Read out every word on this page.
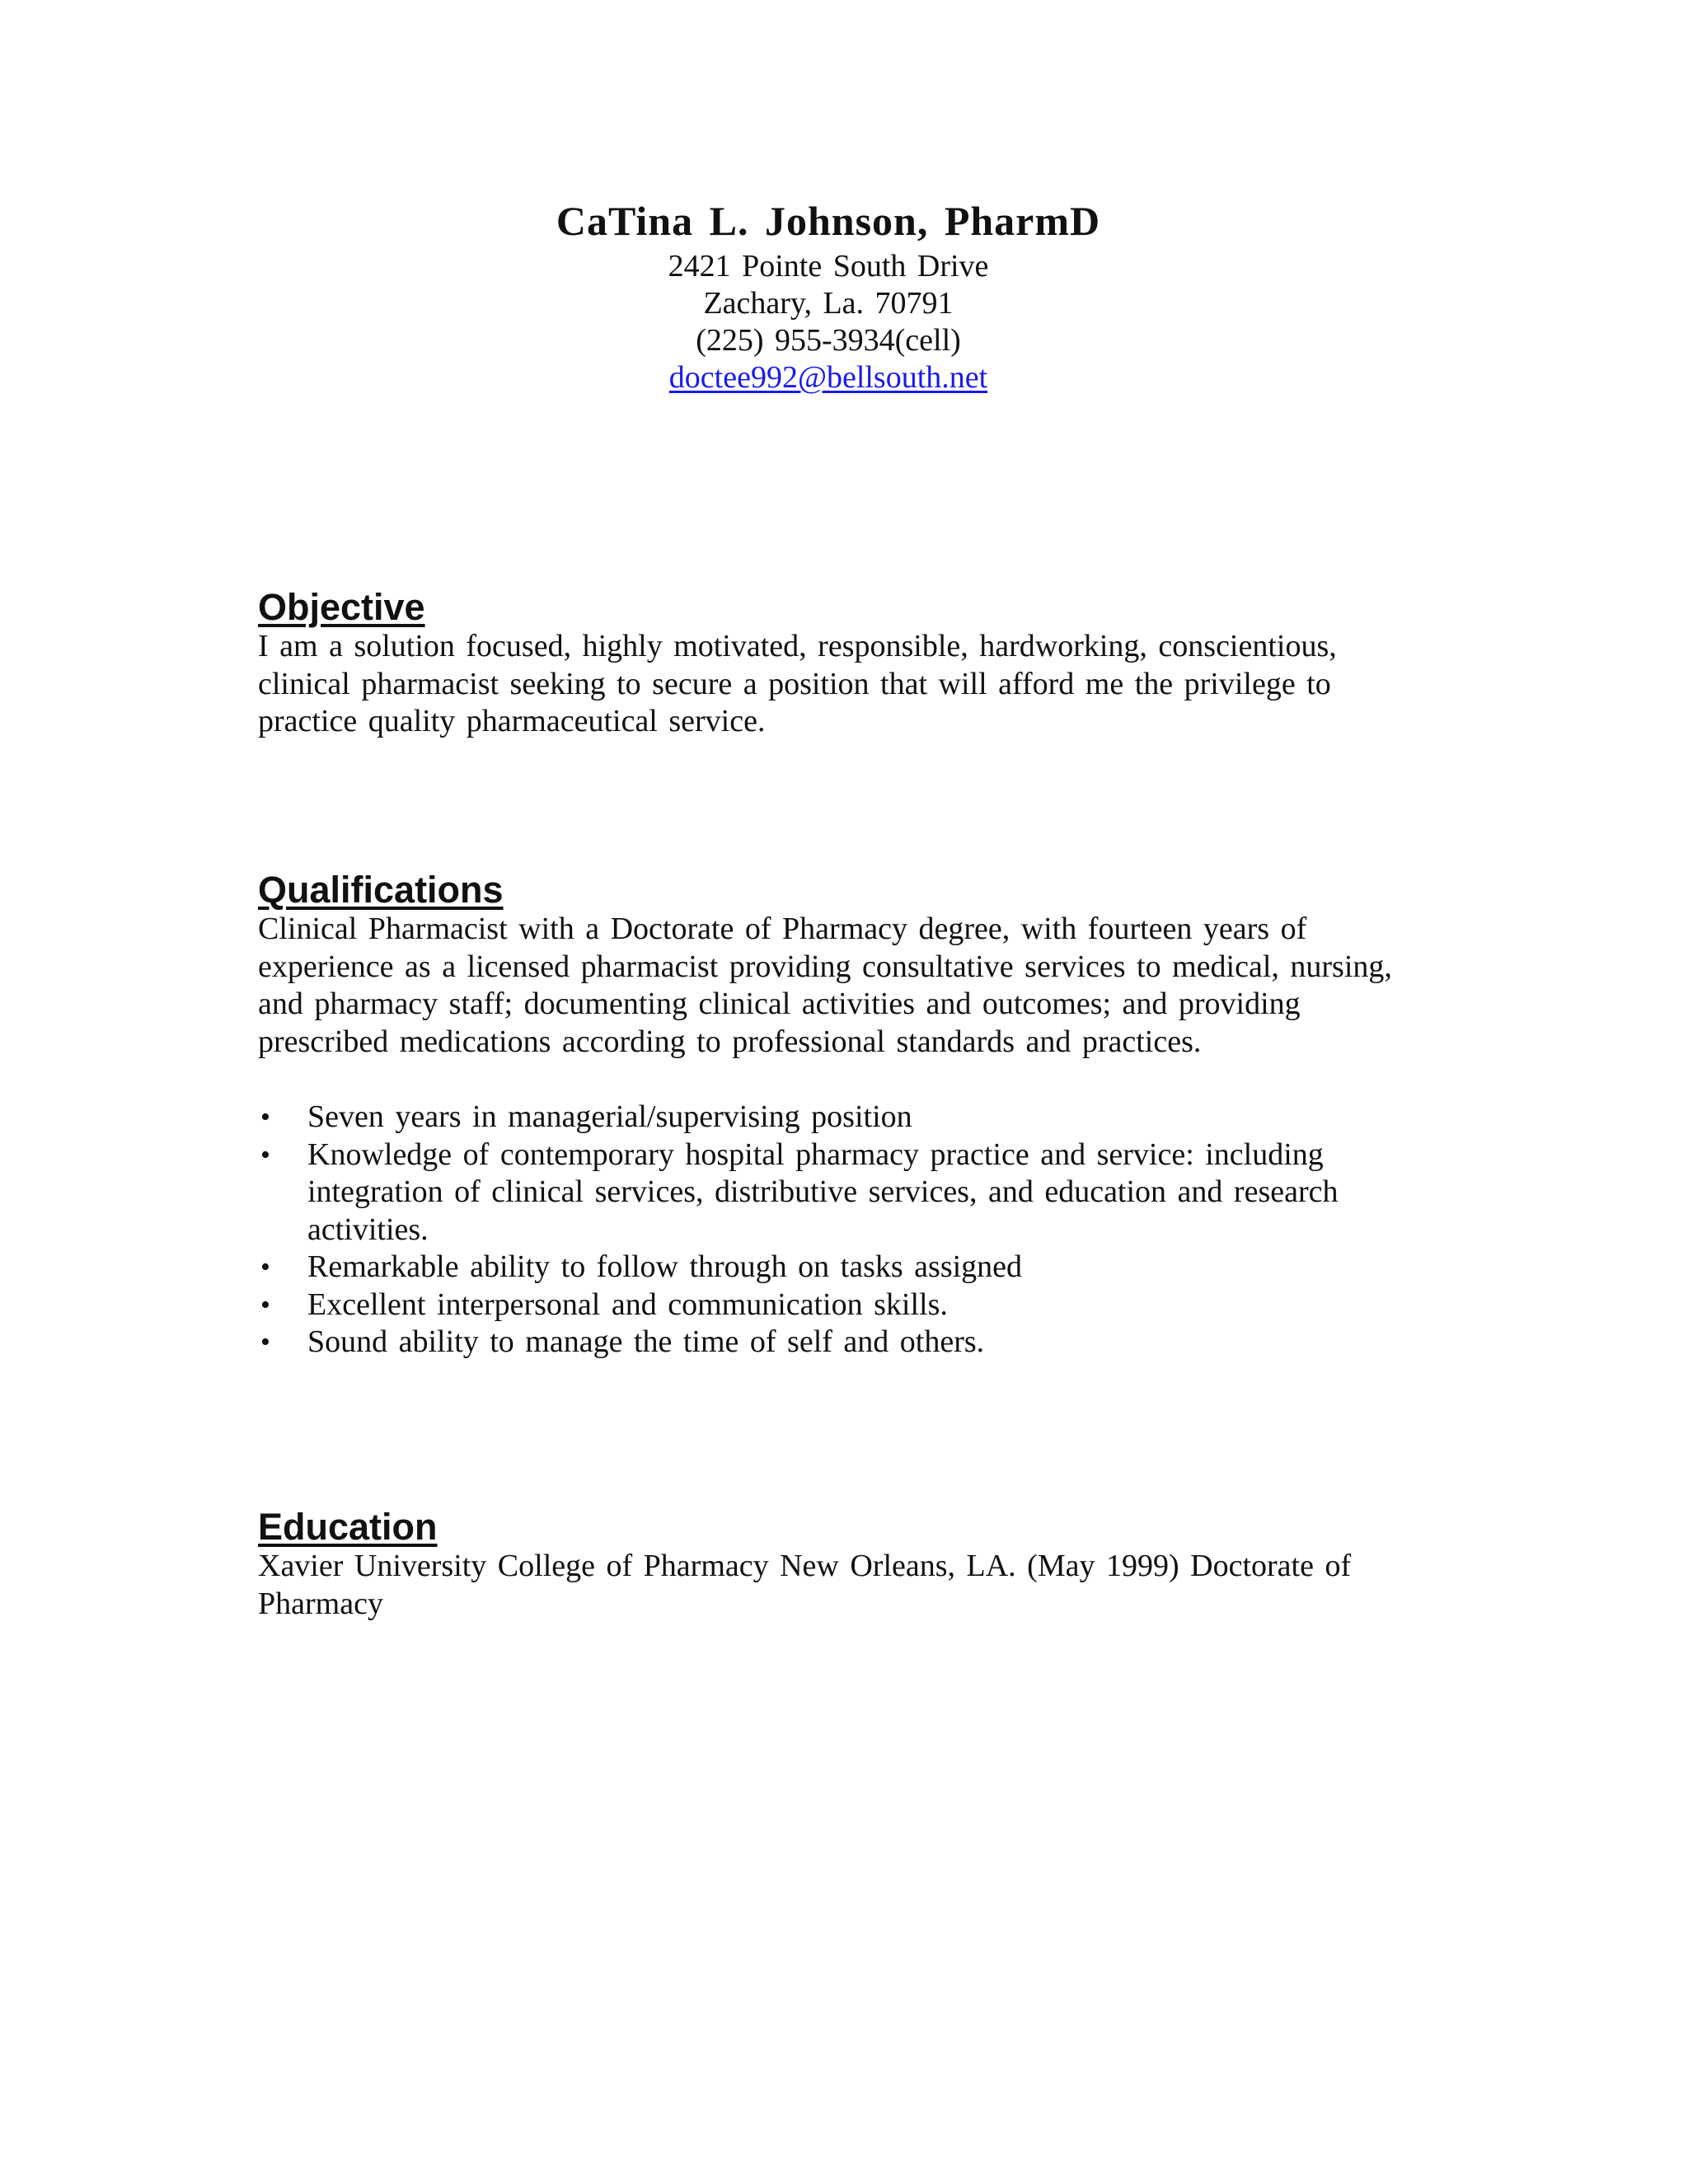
CaTina L. Johnson, PharmD
2421 Pointe South Drive
Zachary, La. 70791
(225) 955-3934(cell)
doctee992@bellsouth.net
Objective

I am a solution focused, highly motivated, responsible, hardworking, conscientious, clinical pharmacist seeking to secure a position that will afford me the privilege to practice quality pharmaceutical service.

Qualifications

Clinical Pharmacist with a Doctorate of Pharmacy degree, with fourteen years of experience as a licensed pharmacist providing consultative services to medical, nursing, and pharmacy staff; documenting clinical activities and outcomes; and providing prescribed medications according to professional standards and practices.

• Seven years in managerial/supervising position
• Knowledge of contemporary hospital pharmacy practice and service: including integration of clinical services, distributive services, and education and research activities.
• Remarkable ability to follow through on tasks assigned
• Excellent interpersonal and communication skills.
• Sound ability to manage the time of self and others.
Education

Xavier University College of Pharmacy New Orleans, LA. (May 1999) Doctorate of Pharmacy
